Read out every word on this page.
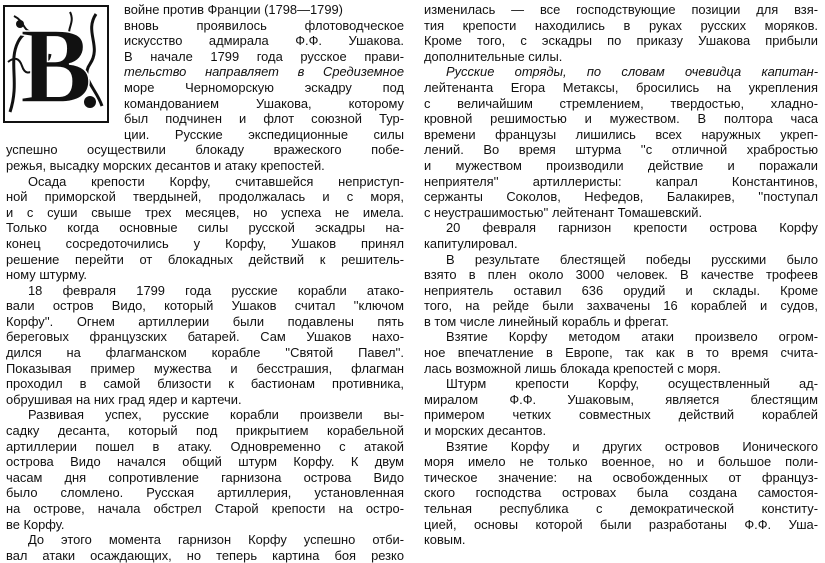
В	войне против Франции (1798—1799)
вновь проявилось флотоводческое
искусство адмирала Ф.Ф. Ушакова.
В начале 1799 года русское прави-
тельство направляет в Средиземное
море Черноморскую эскадру под
командованием Ушакова, которому
был подчинен и флот союзной Тур-
ции. Русские экспедиционные силы
успешно осуществили блокаду вражеского побе-
режья, высадку морских десантов и атаку крепостей.
Осада крепости Корфу, считавшейся неприступ-
ной приморской твердыней, продолжалась и с моря,
и с суши свыше трех месяцев, но успеха не имела.
Только когда основные силы русской эскадры на-
конец сосредоточились у Корфу, Ушаков принял
решение перейти от блокадных действий к решитель-
ному штурму.
18 февраля 1799 года русские корабли атако-
вали остров Видо, который Ушаков считал ''ключом
Корфу''. Огнем артиллерии были подавлены пять
береговых французских батарей. Сам Ушаков нахо-
дился на флагманском корабле ''Святой Павел''.
Показывая пример мужества и бесстрашия, флагман
проходил в самой близости к бастионам противника,
обрушивая на них град ядер и картечи.
Развивая успех, русские корабли произвели вы-
садку десанта, который под прикрытием корабельной
артиллерии пошел в атаку. Одновременно с атакой
острова Видо начался общий штурм Корфу. К двум
часам дня сопротивление гарнизона острова Видо
было сломлено. Русская артиллерия, установленная
на острове, начала обстрел Старой крепости на остро-
ве Корфу.
До этого момента гарнизон Корфу успешно отби-
вал атаки осаждающих, но теперь картина боя резко
изменилась — все господствующие позиции для взя-
тия крепости находились в руках русских моряков.
Кроме того, с эскадры по приказу Ушакова прибыли
дополнительные силы.
Русские отряды, по словам очевидца капитан-
лейтенанта Егора Метаксы, бросились на укрепления
с величайшим стремлением, твердостью, хладно-
кровной решимостью и мужеством. В полтора часа
времени французы лишились всех наружных укреп-
лений. Во время штурма ''с отличной храбростью
и мужеством производили действие и поражали
неприятеля'' артиллеристы: капрал Константинов,
сержанты Соколов, Нефедов, Балакирев, ''поступал
с неустрашимостью'' лейтенант Томашевский.
20 февраля гарнизон крепости острова Корфу
капитулировал.
В результате блестящей победы русскими было
взято в плен около 3000 человек. В качестве трофеев
неприятель оставил 636 орудий и склады. Кроме
того, на рейде были захвачены 16 кораблей и судов,
в том числе линейный корабль и фрегат.
Взятие Корфу методом атаки произвело огром-
ное впечатление в Европе, так как в то время счита-
лась возможной лишь блокада крепостей с моря.
Штурм крепости Корфу, осуществленный ад-
миралом Ф.Ф. Ушаковым, является блестящим
примером четких совместных действий кораблей
и морских десантов.
Взятие Корфу и других островов Ионического
моря имело не только военное, но и большое поли-
тическое значение: на освобожденных от француз-
ского господства островах была создана самостоя-
тельная республика с демократической конститу-
цией, основы которой были разработаны Ф.Ф. Уша-
ковым.
